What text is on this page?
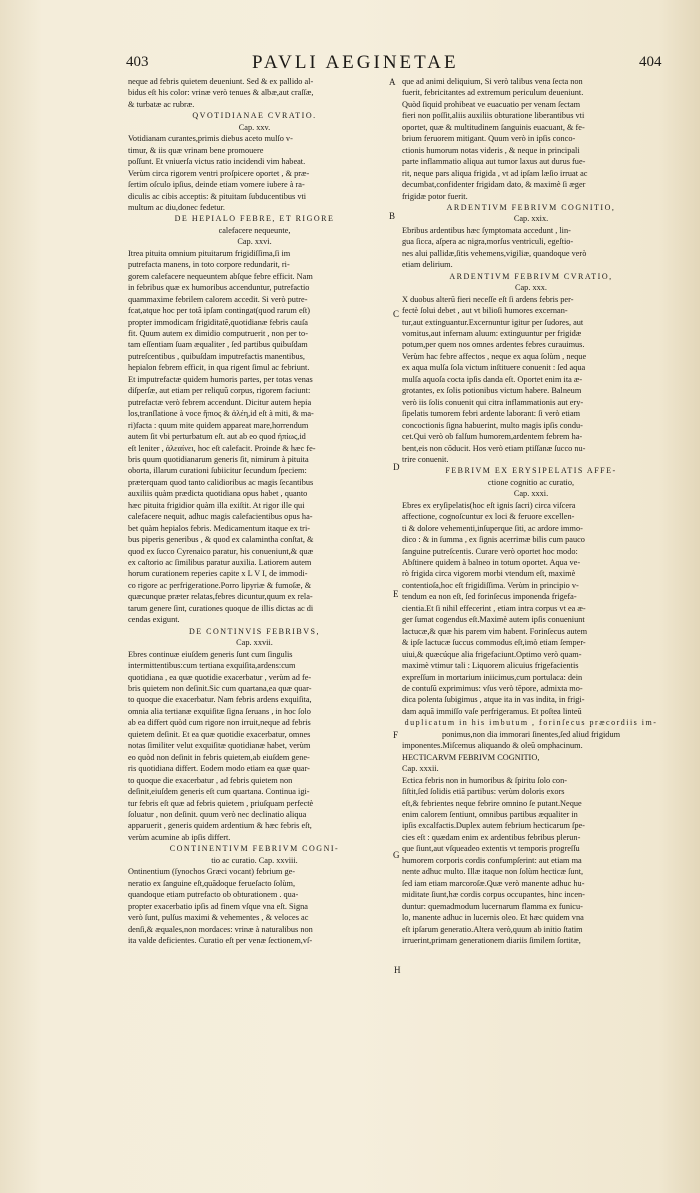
403	PAVLI AEGINETAE	404
neque ad febris quietem deueniunt. Sed & ex pallido al-
bidus eſt his color: vrinæ verò tenues & albæ,aut craſſæ,
& turbatæ ac rubræ.
QVOTIDIANAE CVRATIO.
Cap. xxv.
Votidianam curantes,primis diebus aceto mulſo v-
timur, & iis quæ vrinam bene promouere
poſſunt. Et vniuerſa victus ratio incidendi vim habeat.
Verùm circa rigorem ventri proſpicere oportet , & præ-
ſertim oſculo ipſius, deinde etiam vomere iubere à ra-
diculis ac cibis acceptis: & pituitam ſubducentibus vti
multum ac diu,donec fedetur.
DE HEPIALO FEBRE, ET RIGORE
calefacere nequeunte,
Cap. xxvi.
Itrea pituita omnium pituitarum frigidiſſima,ſi im
putrefacta manens, in toto corpore redundarit, ri-
gorem calefacere nequeuntem abſque febre efficit. Nam
in febribus quæ ex humoribus accenduntur, putrefactio
quammaxime febrilem calorem accedit. Si verò putre-
fcat,atque hoc per totã ipſam contingat(quod rarum eſt)
propter immodicam frigiditatẽ,quotidianæ febris cauſa
fit. Quum autem ex dimidio computruerit , non per to-
tam eſſentiam ſuam æqualiter , ſed partibus quibuſdam
putreſcentibus , quibuſdam imputrefactis manentibus,
hepialon febrem efficit, in qua rigent ſimul ac febriunt.
Et imputrefactæ quidem humoris partes, per totas venas
diſperſæ, aut etiam per reliquũ corpus, rigorem faciunt:
putrefactæ verò febrem accendunt. Dicitur autem hepia
los,tranſlatione à voce ἤπιος & ἀλέη,id eſt à miti, & ma-
ri)facta : quum mite quidem appareat mare,horrendum
autem ſit vbi perturbatum eſt. aut ab eo quod ἠπίως,id
eſt leniter , ἀλεαίνει, hoc eſt calefacit. Proinde & hæc fe-
bris quum quotidianarum generis ſit, nimirum à pituita
oborta, illarum curationi ſubiicitur ſecundum ſpeciem:
præterquam quod tanto calidioribus ac magis ſecantibus
auxiliis quàm prædicta quotidiana opus habet , quanto
hæc pituita frigidior quàm illa exiſtit. At rigor ille qui
calefacere nequit, adhuc magis calefacientibus opus ha-
bet quàm hepialos febris. Medicamentum itaque ex tri-
bus piperis generibus , & quod ex calamintha conſtat, &
quod ex ſucco Cyrenaico paratur, his conueniunt,& quæ
ex caſtorio ac ſimilibus paratur auxilia. Latiorem autem
horum curationem reperies capite x L V I, de immodi-
co rigore ac perfrigeratione.Porro lipyriæ & fumoſæ, &
quæcunque præter relatas,febres dicuntur,quum ex rela-
tarum genere ſint, curationes quoque de illis dictas ac di
cendas exigunt.
DE CONTINVIS FEBRIBVS,
Cap. xxvii.
Ebres continuæ eiuſdem generis ſunt cum ſingulis
intermittentibus:cum tertiana exquiſita,ardens:cum
quotidiana , ea quæ quotidie exacerbatur , verùm ad fe-
bris quietem non deſinit.Sic cum quartana,ea quæ quar-
to quoque die exacerbatur. Nam febris ardens exquiſita,
omnia alia tertianæ exquiſitæ ſigna ſeruans , in hoc ſolo
ab ea differt quòd cum rigore non irruit,neque ad febris
quietem deſinit. Et ea quæ quotidie exacerbatur, omnes
notas ſimiliter velut exquiſitæ quotidianæ habet, verùm
eo quòd non deſinit in febris quietem,ab eiuſdem gene-
ris quotidiana differt. Eodem modo etiam ea quæ quar-
to quoque die exacerbatur , ad febris quietem non
deſinit,eiuſdem generis eſt cum quartana. Continua igi-
tur febris eſt quæ ad febris quietem , priuſquam perfectè
ſoluatur , non deſinit. quum verò nec declinatio aliqua
apparuerit , generis quidem ardentium & hæc febris eſt,
verùm acumine ab ipſis differt.
CONTINENTIVM FEBRIVM COGNI-
tio ac curatio. Cap. xxviii.
Ontinentium (ſynochos Græci vocant) febrium ge-
neratio ex ſanguine eſt,quādoque ferueſacto ſolùm,
quandoque etiam putrefacto ob obturationem . qua-
propter exacerbatio ipſis ad finem vſque vna eſt. Signa
verò ſunt, pulſus maximi & vehementes , & veloces ac
denſi,& æquales,non mordaces: vrinæ à naturalibus non
ita valde deficientes. Curatio eſt per venæ ſectionem,vſ-
que ad animi deliquium, Si verò talibus vena ſecta non
fuerit, febricitantes ad extremum periculum deueniunt.
Quòd ſiquid prohibeat ve euacuatio per venam ſectam
fieri non poſſit,aliis auxiliis obturatione liberantibus vti
oportet, quæ & multitudinem ſanguinis euacuant, & fe-
brium feruorem mitigant. Quum verò in ipſis conco-
ctionis humorum notas videris , & neque in principali
parte inflammatio aliqua aut tumor laxus aut durus fue-
rit, neque pars aliqua frigida , vt ad ipſam læſio irruat ac
decumbat,confidenter frigidam dato, & maximè ſi æger
frigidæ potor fuerit.
ARDENTIVM FEBRIVM COGNITIO,
Cap. xxix.
Ebribus ardentibus hæc ſymptomata accedunt , lin-
gua ſicca, aſpera ac nigra,morſus ventriculi, egeſtio-
nes alui pallidæ,ſitis vehemens,vigiliæ, quandoque verò
etiam delirium.
ARDENTIVM FEBRIVM CVRATIO,
Cap. xxx.
X duobus alterū fieri neceſſe eſt ſi ardens febris per-
fectè ſolui debet , aut vt bilioſi humores excernan-
tur,aut extinguantur.Excernuntur igitur per ſudores, aut
vomitus,aut infernam aluum: extinguuntur per frigidæ
potum,per quem nos omnes ardentes febres curauimus.
Verùm hac febre affectos , neque ex aqua ſolùm , neque
ex aqua mulſa ſola victum inſtituere conuenit : ſed aqua
mulſa aquoſa cocta ipſis danda eſt. Oportet enim ita æ-
grotantes, ex ſolis potionibus victum habere. Balneum
verò iis ſolis conuenit qui citra inflammationis aut ery-
ſipelatis tumorem febri ardente laborant: ſi verò etiam
concoctionis ſigna habuerint, multo magis ipſis condu-
cet.Qui verò ob falſum humorem,ardentem febrem ha-
bent,eis non cōducit. Hos verò etiam ptiſſanæ ſucco nu-
trire conuenit.
FEBRIVM EX ERYSIPELATIS AFFE-
ctione cognitio ac curatio,
Cap. xxxi.
Ebres ex eryſipelatis(hoc eſt ignis ſacri) circa viſcera
affectione, cognoſcuntur ex loci & feruore excellen-
ti & dolore vehementi,inſuperque ſiti, ac ardore immo-
dico : & in ſumma , ex ſignis acerrimæ bilis cum pauco
ſanguine putreſcentis. Curare verò oportet hoc modo:
Abſtinere quidem à balneo in totum oportet. Aqua ve-
rò frigida circa vigorem morbi vtendum eſt, maximè
contentioſa,hoc eſt frigidiſſima. Verùm in principio v-
tendum ea non eſt, ſed forinſecus imponenda frigefa-
cientia.Et ſi nihil effecerint , etiam intra corpus vt ea æ-
ger ſumat cogendus eſt.Maximè autem ipſis conueniunt
lactucæ,& quæ his parem vim habent. Forinſecus autem
& ipſe lactucæ ſuccus commodus eſt,imò etiam ſemper-
uiui,& quæcúque alia frigefaciunt.Optimo verò quam-
maximè vtimur tali : Liquorem alicuius frigefacientis
expreſſum in mortarium iniicimus,cum portulaca: dein
de contuſũ exprimimus: vſus verò tēpore, admixta mo-
dica polenta ſubigimus , atque ita in vas indita, in frigi-
dam aquā immiſſo vaſe perfrigeramus. Et poſtea linteū
duplicatum in his imbutum , forinſecus præcordiis im-
ponimus,non dia immorari ſinentes,ſed aliud frigidum
imponentes.Miſcemus aliquando & oleũ omphacinum.
HECTICARVM FEBRIVM COGNITIO,
Cap. xxxii.
Ectica febris non in humoribus & ſpiritu ſolo con-
ſiſtit,ſed ſolidis etiā partibus: verùm doloris exors
eſt,& febrientes neque febrire omnino ſe putant.Neque
enim calorem ſentiunt, omnibus partibus æqualiter in
ipſis excalfactis.Duplex autem febrium hecticarum ſpe-
cies eſt : quædam enim ex ardentibus febribus plerun-
que ſiunt,aut vſqueadeo extentis vt temporis progreſſu
humorem corporis cordis confumpſerint: aut etiam ma
nente adhuc multo. Illæ itaque non ſolùm hecticæ ſunt,
ſed iam etiam marcoroſæ.Quæ verò manente adhuc hu-
miditate ſiunt,hæ cordis corpus occupantes, hinc incen-
duntur: quemadmodum lucernarum flamma ex funicu-
lo, manente adhuc in lucernis oleo. Et hæc quidem vna
eſt ipſarum generatio.Altera verò,quum ab initio ſtatim
irruerint,primam generationem diariis ſimilem ſortitæ,
A
B
C
D
E
F
G
H
